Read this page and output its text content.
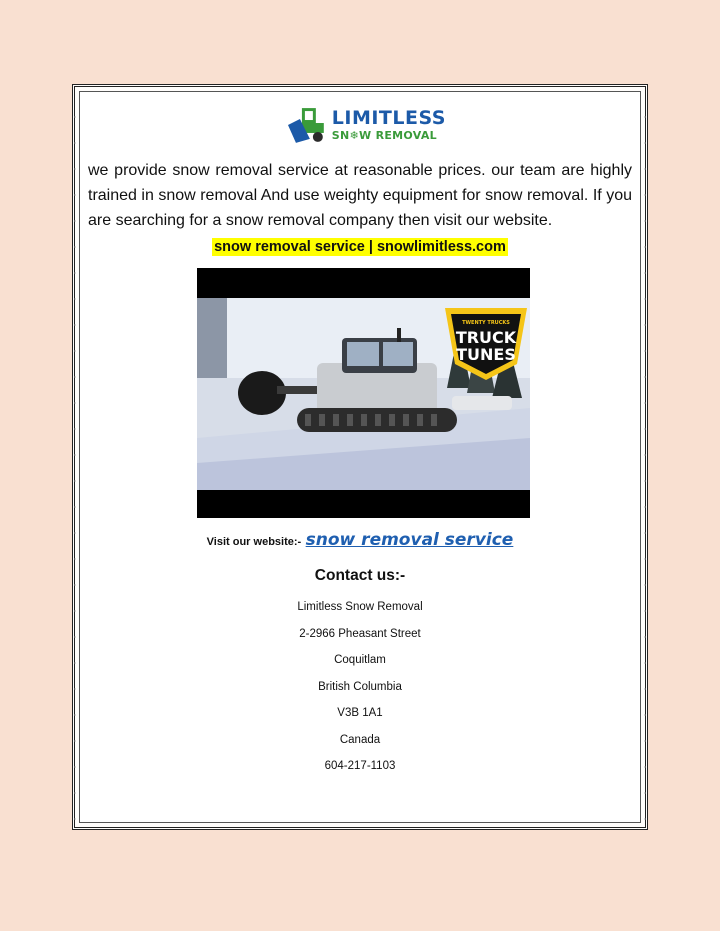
LIMITLESS
SN❄W REMOVAL
we provide snow removal service at reasonable prices. our team are highly trained in snow removal And use weighty equipment for snow removal. If you are searching for a snow removal company then visit our website.
snow removal service | snowlimitless.com
TWENTY TRUCKS
TRUCK
TUNES
Visit our website:- snow removal service
Contact us:-
Limitless Snow Removal
2-2966 Pheasant Street
Coquitlam
British Columbia
V3B 1A1
Canada
604-217-1103
